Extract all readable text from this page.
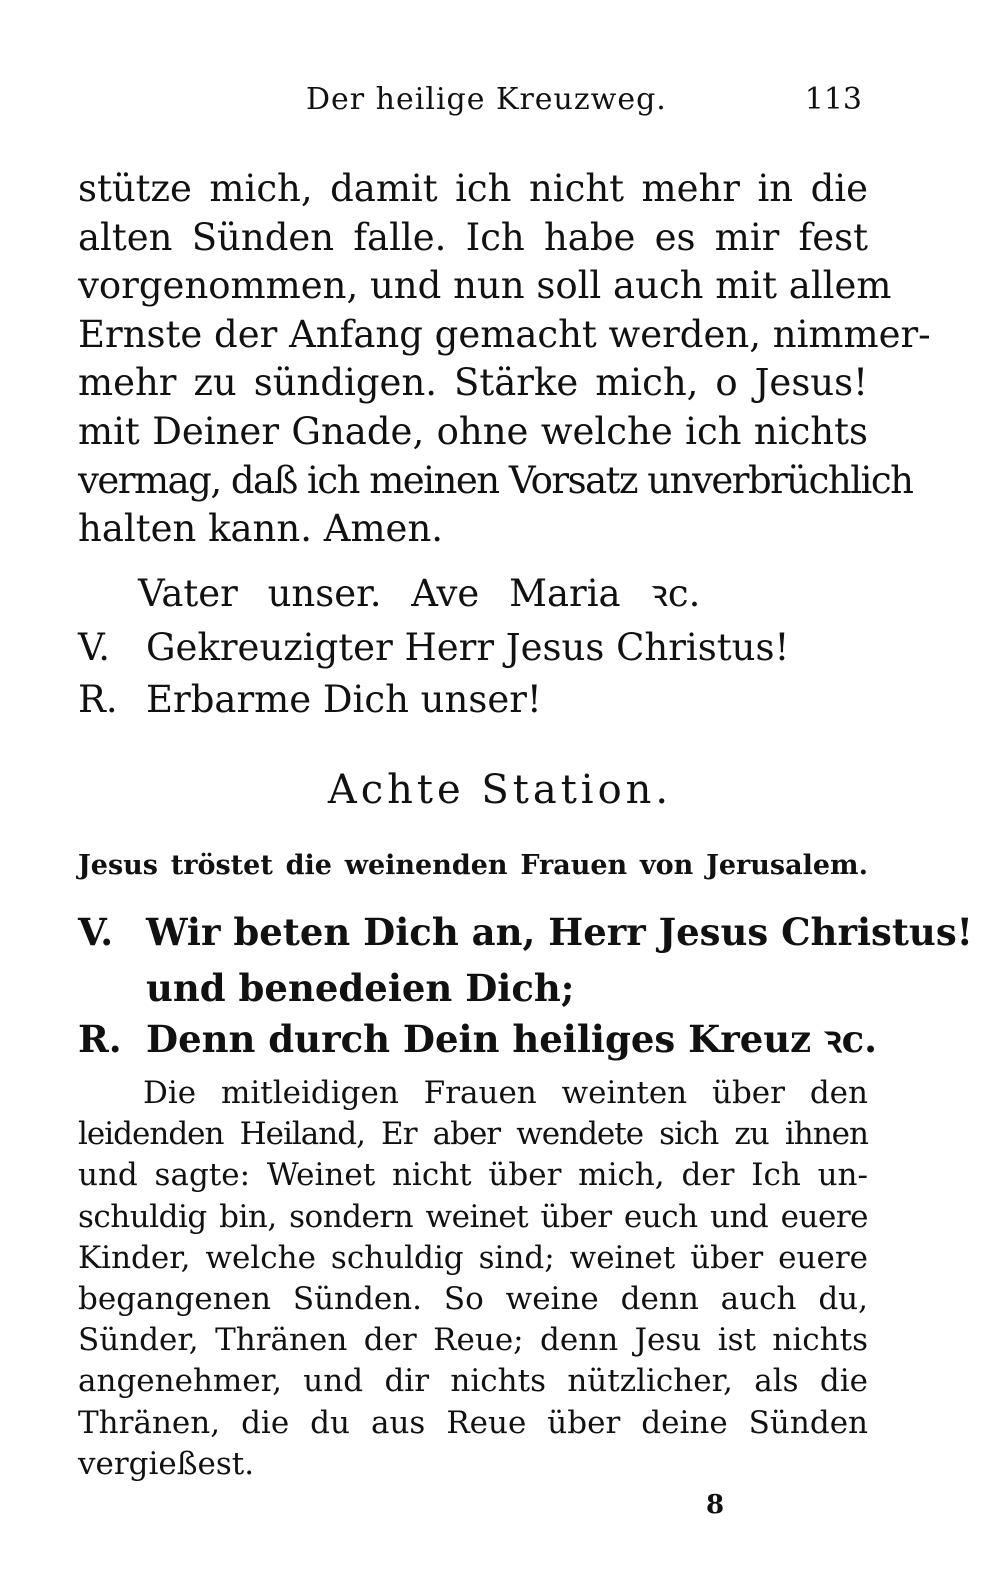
Der heilige Kreuzweg.	113
stütze mich, damit ich nicht mehr in die
alten Sünden falle. Ich habe es mir fest
vorgenommen, und nun soll auch mit allem
Ernste der Anfang gemacht werden, nimmer-
mehr zu sündigen. Stärke mich, o Jesus!
mit Deiner Gnade, ohne welche ich nichts
vermag, daß ich meinen Vorsatz unverbrüchlich
halten kann. Amen.
Vater unser. Ave Maria ꝛc.
V. Gekreuzigter Herr Jesus Christus!
R. Erbarme Dich unser!
Achte Station.
Jesus tröstet die weinenden Frauen von Jerusalem.
V. Wir beten Dich an, Herr Jesus Christus!
und benedeien Dich;
R. Denn durch Dein heiliges Kreuz ꝛc.
Die mitleidigen Frauen weinten über den
leidenden Heiland, Er aber wendete sich zu ihnen
und sagte: Weinet nicht über mich, der Ich un-
schuldig bin, sondern weinet über euch und euere
Kinder, welche schuldig sind; weinet über euere
begangenen Sünden. So weine denn auch du,
Sünder, Thränen der Reue; denn Jesu ist nichts
angenehmer, und dir nichts nützlicher, als die
Thränen, die du aus Reue über deine Sünden
vergießest.
8
